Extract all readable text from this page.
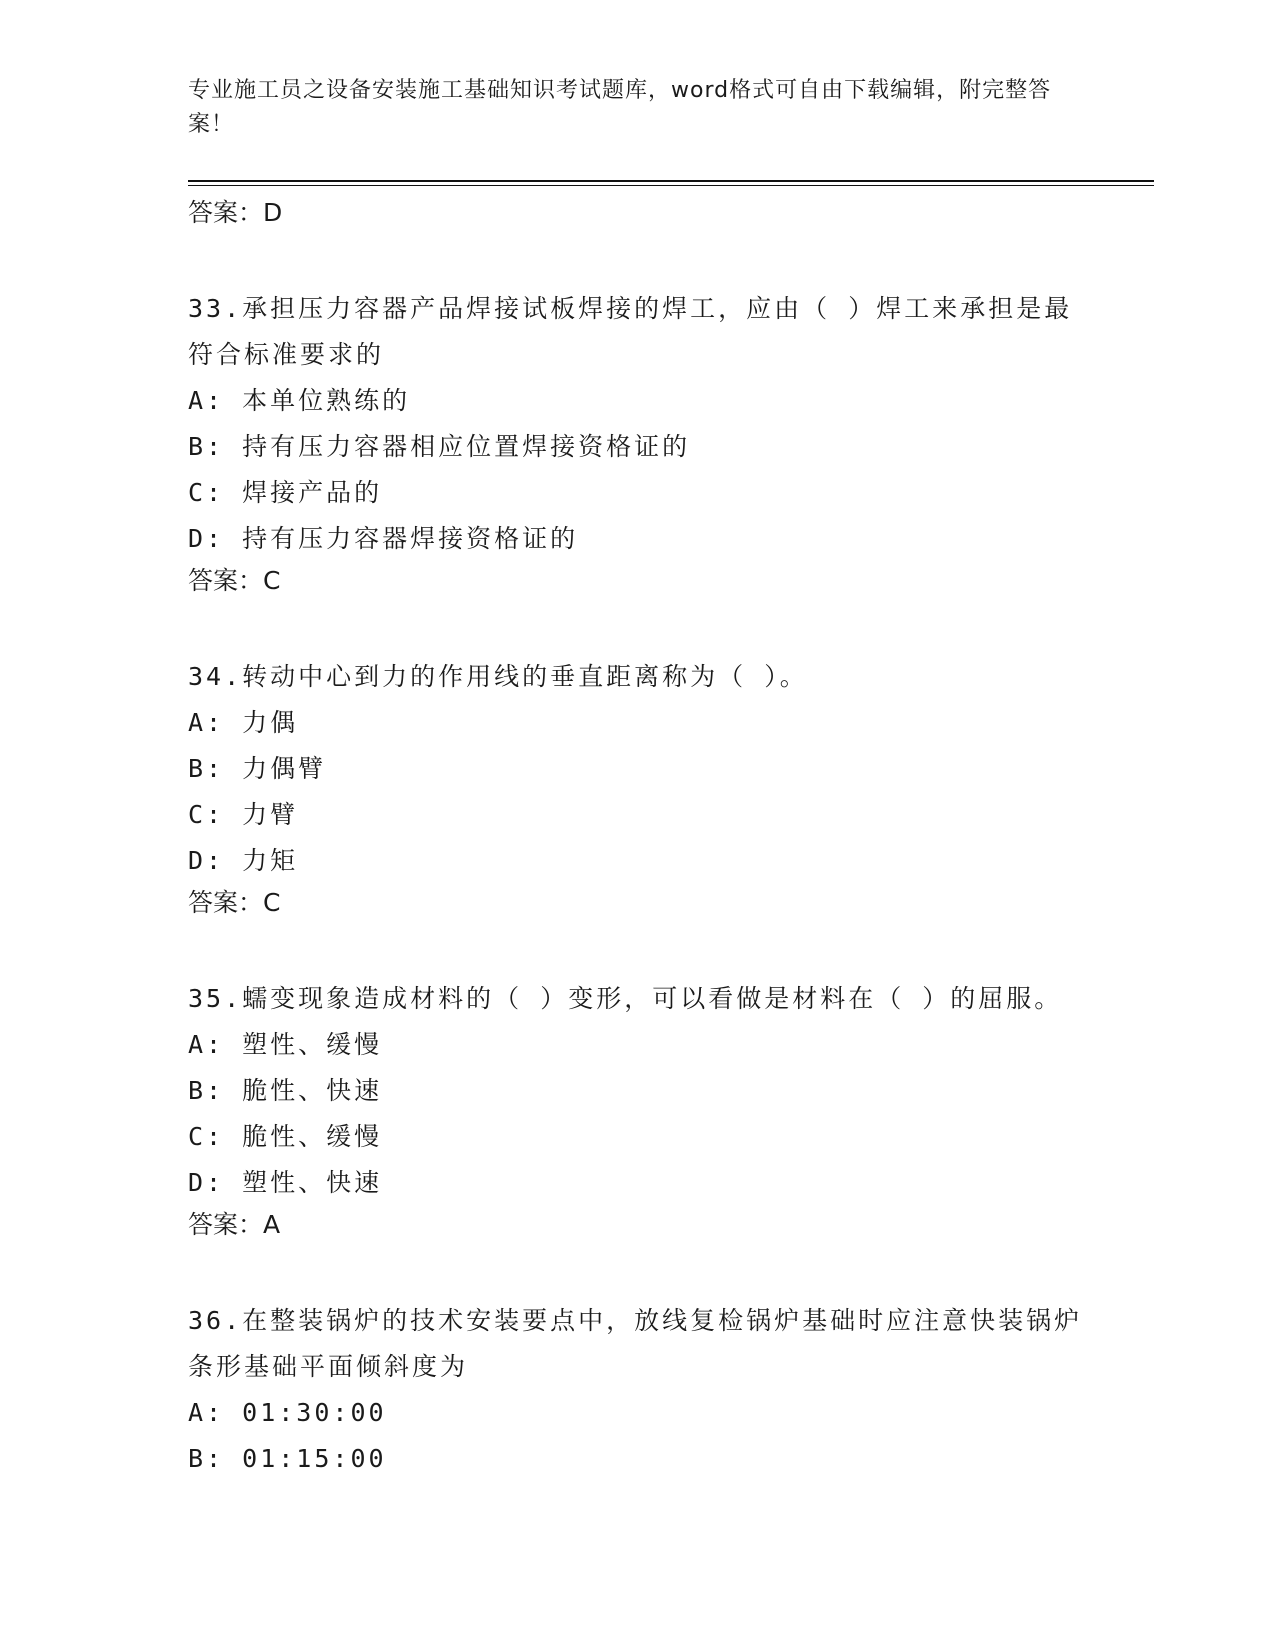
专业施工员之设备安装施工基础知识考试题库，word格式可自由下载编辑，附完整答案！

答案：D

33.承担压力容器产品焊接试板焊接的焊工，应由（ ）焊工来承担是最符合标准要求的

A: 本单位熟练的

B: 持有压力容器相应位置焊接资格证的

C: 焊接产品的

D: 持有压力容器焊接资格证的

答案：C

34.转动中心到力的作用线的垂直距离称为（ ）。

A: 力偶

B: 力偶臂

C: 力臂

D: 力矩

答案：C

35.蠕变现象造成材料的（ ）变形，可以看做是材料在（ ）的屈服。

A: 塑性、缓慢

B: 脆性、快速

C: 脆性、缓慢

D: 塑性、快速

答案：A

36.在整装锅炉的技术安装要点中，放线复检锅炉基础时应注意快装锅炉条形基础平面倾斜度为

A: 01:30:00

B: 01:15:00
